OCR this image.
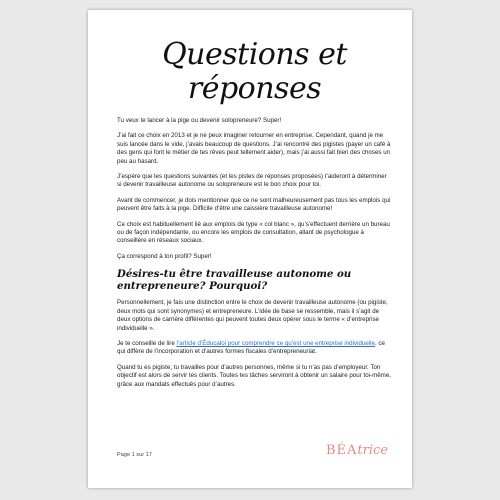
Questions et réponses

Tu veux te lancer à la pige ou devenir solopreneure? Super!

J’ai fait ce choix en 2013 et je ne peux imaginer retourner en entreprise. Cependant, quand je me suis lancée dans le vide, j’avais beaucoup de questions. J’ai rencontré des pigistes (payer un café à des gens qui font le métier de tes rêves peut tellement aider), mais j’ai aussi fait bien des choses un peu au hasard.

J’espère que les questions suivantes (et les pistes de réponses proposées) t’aideront à déterminer si devenir travailleuse autonome ou solopreneure est le bon choix pour toi.

Avant de commencer, je dois mentionner que ce ne sont malheureusement pas tous les emplois qui peuvent être faits à la pige. Difficile d’être une caissière travailleuse autonome!

Ce choix est habituellement lié aux emplois de type « col blanc », qu’s’effectuent derrière un bureau ou de façon indépendante, ou encore les emplois de consultation, allant de psychologue à conseillère en réseaux sociaux.

Ça correspond à ton profil? Super!

Désires-tu être travailleuse autonome ou entrepreneure? Pourquoi?

Personnellement, je fais une distinction entre le choix de devenir travailleuse autonome (ou pigiste, deux mots qui sont synonymes) et entrepreneure. L’idée de base se ressemble, mais il s’agit de deux options de carrière différentes qui peuvent toutes deux opérer sous le terme « d’entreprise individuelle ».

Je te conseille de lire l’article d’Éducaloi pour comprendre ce qu’est une entreprise individuelle, ce qui diffère de l’incorporation et d’autres formes fiscales d’entrepreneuriat.

Quand tu es pigiste, tu travailles pour d’autres personnes, même si tu n’as pas d’employeur. Ton objectif est alors de servir tes clients. Toutes tes tâches serviront à obtenir un salaire pour toi-même, grâce aux mandats effectués pour d’autres.

Page 1 sur 17	BÉAtrice
